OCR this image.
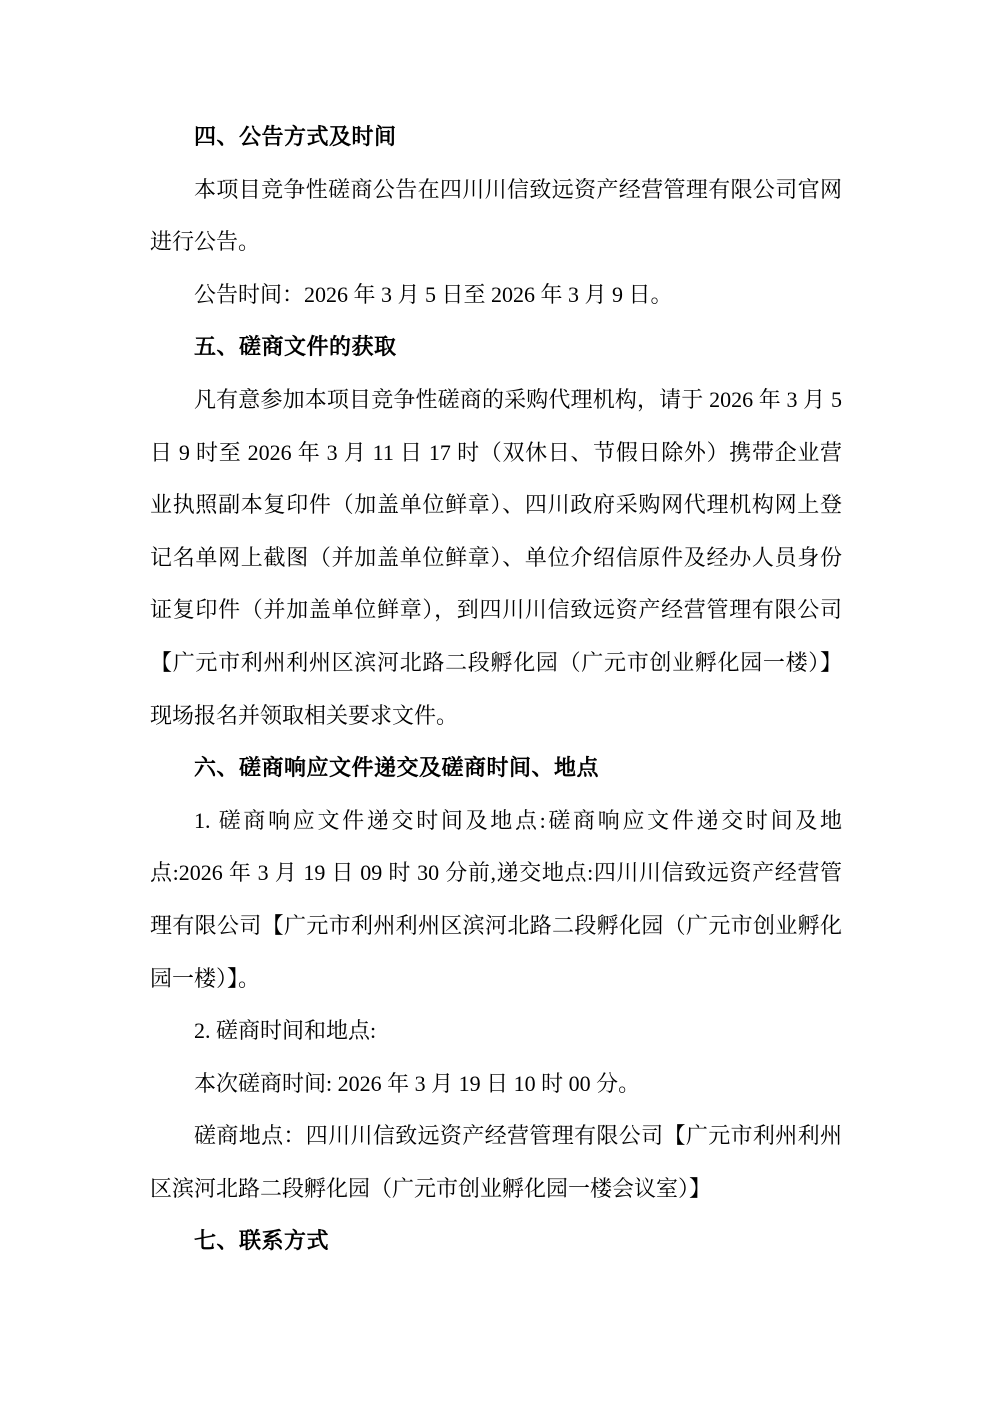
四、公告方式及时间

本项目竞争性磋商公告在四川川信致远资产经营管理有限公司官网进行公告。

公告时间：2026 年 3 月 5 日至 2026 年 3 月 9 日。

五、磋商文件的获取

凡有意参加本项目竞争性磋商的采购代理机构，请于 2026 年 3 月 5 日 9 时至 2026 年 3 月 11 日 17 时（双休日、节假日除外）携带企业营业执照副本复印件（加盖单位鲜章）、四川政府采购网代理机构网上登记名单网上截图（并加盖单位鲜章）、单位介绍信原件及经办人员身份证复印件（并加盖单位鲜章），到四川川信致远资产经营管理有限公司【广元市利州利州区滨河北路二段孵化园（广元市创业孵化园一楼）】现场报名并领取相关要求文件。

六、磋商响应文件递交及磋商时间、地点

1. 磋商响应文件递交时间及地点:磋商响应文件递交时间及地点:2026 年 3 月 19 日 09 时 30 分前,递交地点:四川川信致远资产经营管理有限公司【广元市利州利州区滨河北路二段孵化园（广元市创业孵化园一楼）】。

2. 磋商时间和地点:

本次磋商时间: 2026 年 3 月 19 日 10 时 00 分。

磋商地点：四川川信致远资产经营管理有限公司【广元市利州利州区滨河北路二段孵化园（广元市创业孵化园一楼会议室）】

七、联系方式
